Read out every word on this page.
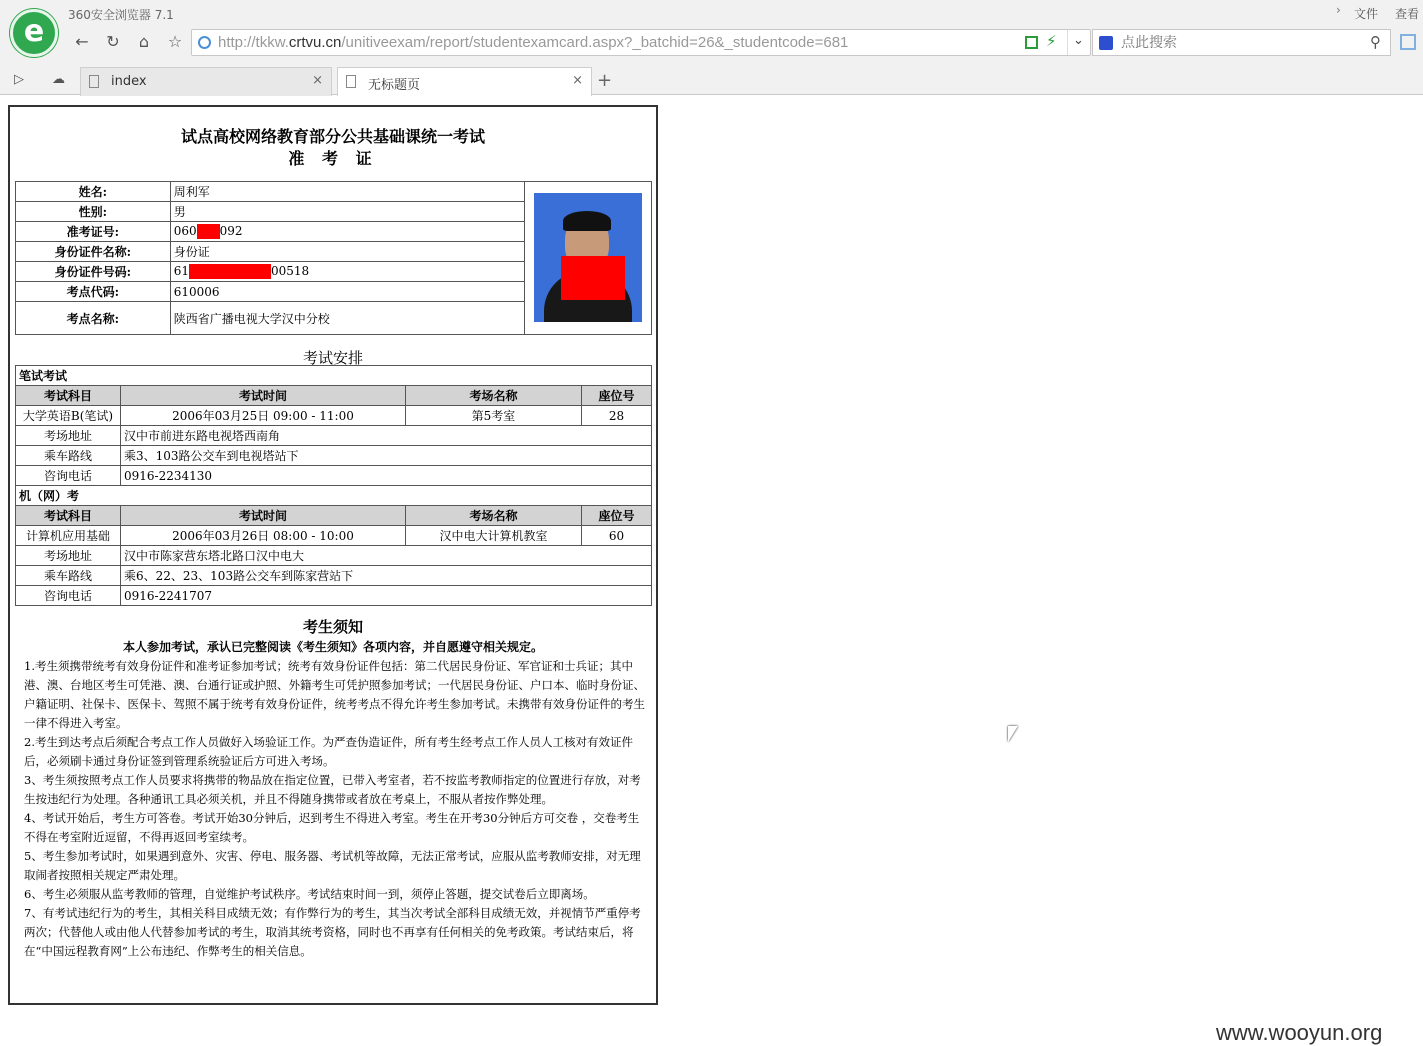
e	360安全浏览器 7.1	› 文件 查看
←	↻	⌂	☆	http://tkkw.crtvu.cn/unitiveexam/report/studentexamcard.aspx?_batchid=26&_studentcode=681	⚡ ⌄
点此搜索	⚲
▷ ☁	index	×	无标题页	× +
试点高校网络教育部分公共基础课统一考试
准 考 证
姓名:	周利军	
性别:	男	
准考证号:	060 092	
身份证件名称:	身份证	
身份证件号码:	61 00518	
考点代码:	610006	
考点名称:	陕西省广播电视大学汉中分校	
考试安排
笔试考试			
考试科目	考试时间	考场名称	座位号
大学英语B(笔试)	2006年03月25日 09:00 - 11:00	第5考室	28
考场地址	汉中市前进东路电视塔西南角		
乘车路线	乘3、103路公交车到电视塔站下		
咨询电话	0916-2234130		
机（网）考			
考试科目	考试时间	考场名称	座位号
计算机应用基础	2006年03月26日 08:00 - 10:00	汉中电大计算机教室	60
考场地址	汉中市陈家营东塔北路口汉中电大		
乘车路线	乘6、22、23、103路公交车到陈家营站下		
咨询电话	0916-2241707		
考生须知
本人参加考试，承认已完整阅读《考生须知》各项内容，并自愿遵守相关规定。

1.考生须携带统考有效身份证件和准考证参加考试；统考有效身份证件包括：第二代居民身份证、军官证和士兵证；其中港、澳、台地区考生可凭港、澳、台通行证或护照、外籍考生可凭护照参加考试；一代居民身份证、户口本、临时身份证、户籍证明、社保卡、医保卡、驾照不属于统考有效身份证件，统考考点不得允许考生参加考试。未携带有效身份证件的考生一律不得进入考室。

2.考生到达考点后须配合考点工作人员做好入场验证工作。为严查伪造证件，所有考生经考点工作人员人工核对有效证件后，必须刷卡通过身份证签到管理系统验证后方可进入考场。

3、考生须按照考点工作人员要求将携带的物品放在指定位置，已带入考室者，若不按监考教师指定的位置进行存放，对考生按违纪行为处理。各种通讯工具必须关机，并且不得随身携带或者放在考桌上，不服从者按作弊处理。

4、考试开始后，考生方可答卷。考试开始30分钟后，迟到考生不得进入考室。考生在开考30分钟后方可交卷 ，交卷考生不得在考室附近逗留，不得再返回考室续考。

5、考生参加考试时，如果遇到意外、灾害、停电、服务器、考试机等故障，无法正常考试，应服从监考教师安排，对无理取闹者按照相关规定严肃处理。

6、考生必须服从监考教师的管理，自觉维护考试秩序。考试结束时间一到，须停止答题，提交试卷后立即离场。

7、有考试违纪行为的考生，其相关科目成绩无效；有作弊行为的考生，其当次考试全部科目成绩无效，并视情节严重停考两次；代替他人或由他人代替参加考试的考生，取消其统考资格，同时也不再享有任何相关的免考政策。考试结束后，将在“中国远程教育网”上公布违纪、作弊考生的相关信息。

www.wooyun.org
